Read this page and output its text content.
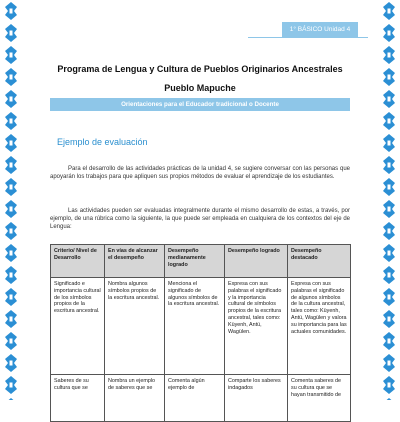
1° BÁSICO Unidad 4
Programa de Lengua y Cultura de Pueblos Originarios Ancestrales
Pueblo Mapuche
Orientaciones para el Educador tradicional o Docente
Ejemplo de evaluación

Para el desarrollo de las actividades prácticas de la unidad 4, se sugiere conversar con las personas que apoyarán los trabajos para que apliquen sus propios métodos de evaluar el aprendizaje de los estudiantes.

Las actividades pueden ser evaluadas integralmente durante el mismo desarrollo de estas, a través, por ejemplo, de una rúbrica como la siguiente, la que puede ser empleada en cualquiera de los contextos del eje de Lengua:

Criterio/ Nivel de Desarrollo	En vías de alcanzar el desempeño	Desempeño medianamente logrado	Desempeño logrado	Desempeño destacado
Significado e importancia cultural de los símbolos propios de la escritura ancestral.	Nombra algunos símbolos propios de la escritura ancestral.	Menciona el significado de algunos símbolos de la escritura ancestral.	Expresa con sus palabras el significado y la importancia cultural de símbolos propios de la escritura ancestral, tales como: Küyenh, Antü, Wagülen.	Expresa con sus palabras el significado de algunos símbolos de la cultura ancestral, tales como: Küyenh, Antü, Wagülen y valora su importancia para las actuales comunidades.
Saberes de su cultura que se	Nombra un ejemplo de saberes que se	Comenta algún ejemplo de	Comparte los saberes indagados	Comenta saberes de su cultura que se hayan transmitido de
